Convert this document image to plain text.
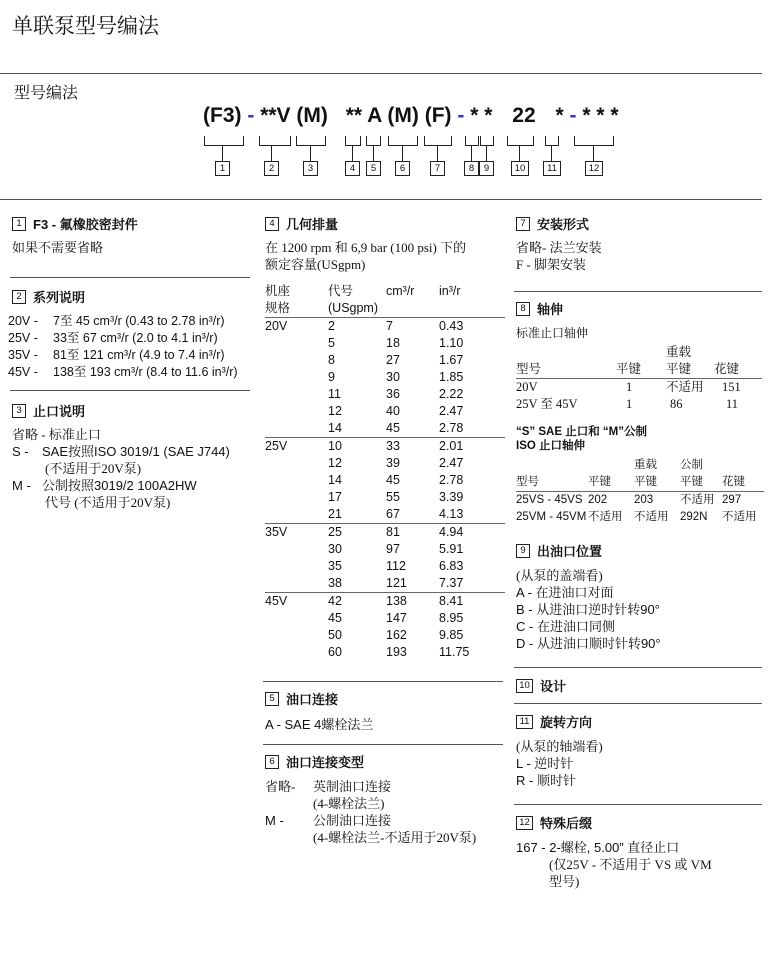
单联泵型号编法
型号编法
(F3) - **V (M) ** A (M) (F) - * * 22 * - * * *
1	2	3	4	5	6	7	8	9	10	11	12
1 F3 - 氟橡胶密封件
如果不需要省略
2 系列说明
20V -	7至 45 cm³/r (0.43 to 2.78 in³/r)
25V -	33至 67 cm³/r (2.0 to 4.1 in³/r)
35V -	81至 121 cm³/r (4.9 to 7.4 in³/r)
45V -	138至 193 cm³/r (8.4 to 11.6 in³/r)
3 止口说明
省略 - 标准止口
S - SAE按照ISO 3019/1 (SAE J744)
(不适用于20V泵)
M - 公制按照3019/2 100A2HW
代号 (不适用于20V泵)
4 几何排量
在 1200 rpm 和 6,9 bar (100 psi) 下的
额定容量(USgpm)
机座	代号	cm³/r	in³/r
规格	(USgpm)		
20V	2	7	0.43
	5	18	1.10
	8	27	1.67
	9	30	1.85
	11	36	2.22
	12	40	2.47
	14	45	2.78
25V	10	33	2.01
	12	39	2.47
	14	45	2.78
	17	55	3.39
	21	67	4.13
35V	25	81	4.94
	30	97	5.91
	35	112	6.83
	38	121	7.37
45V	42	138	8.41
	45	147	8.95
	50	162	9.85
	60	193	11.75
5 油口连接
A - SAE 4螺栓法兰
6 油口连接变型
省略- 英制油口连接
(4-螺栓法兰)
M - 公制油口连接
(4-螺栓法兰-不适用于20V泵)
7 安装形式
省略- 法兰安装
F - 脚架安装
8 轴伸
标准止口轴伸
		重载	
型号	平键	平键	花键
20V	1	不适用	151
25V 至 45V	1	86	11
“S” SAE 止口和 “M”公制
ISO 止口轴伸
		重载	公制	
型号	平键	平键	平键	花键
25VS - 45VS	202	203	不适用	297
25VM - 45VM	不适用	不适用	292N	不适用
9 出油口位置
(从泵的盖端看)
A - 在进油口对面
B - 从进油口逆时针转90°
C - 在进油口同侧
D - 从进油口顺时针转90°
10 设计
11 旋转方向
(从泵的轴端看)
L - 逆时针
R - 顺时针
12 特殊后缀
167 - 2-螺栓, 5.00” 直径止口
(仅25V - 不适用于 VS 或 VM
型号)
